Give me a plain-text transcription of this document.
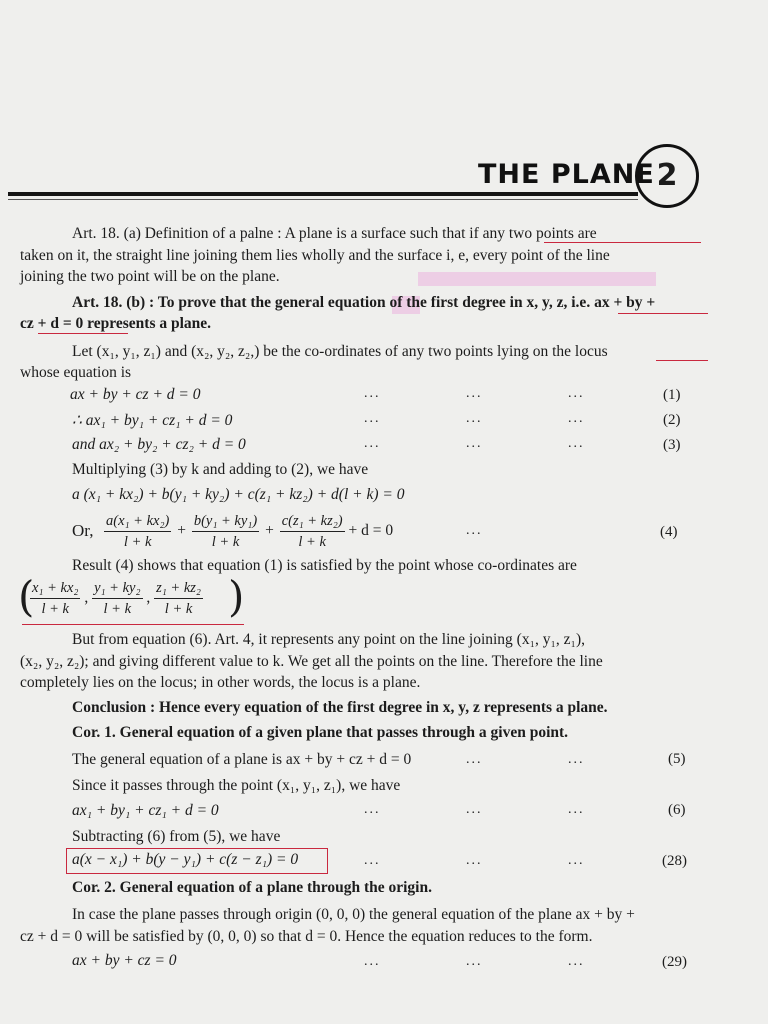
THE PLANE 2
Art. 18. (a) Definition of a palne : A plane is a surface such that if any two points are
taken on it, the straight line joining them lies wholly and the surface i, e, every point of the line
joining the two point will be on the plane.
Art. 18. (b) : To prove that the general equation of the first degree in x, y, z, i.e. ax + by +
cz + d = 0 represents a plane.
Let (x₁, y₁, z₁) and (x₂, y₂, z₂,) be the co-ordinates of any two points lying on the locus
whose equation is
ax + by + cz + d = 0	...	...	...	(1)
∴ ax₁ + by₁ + cz₁ + d = 0	...	...	...	(2)
and ax₂ + by₂ + cz₂ + d = 0	...	...	...	(3)
Multiplying (3) by k and adding to (2), we have
a (x₁ + kx₂) + b(y₁ + ky₂) + c(z₁ + kz₂) + d(l + k) = 0
Or, $\frac{\text{a(x₁ + kx₂)}}{l + k} + \frac{\text{b(y₁ + ky₁)}}{l + k} + \frac{\text{c(z₁ + kz₂)}}{l + k} + d = 0$	...	(4)
Result (4) shows that equation (1) is satisfied by the point whose co-ordinates are
(
$\frac{\text{x₁ + kx₂}}{l + k}$ , $\frac{\text{y₁ + ky₂}}{l + k}$ , $\frac{\text{z₁ + kz₂}}{l + k}$ )
But from equation (6). Art. 4, it represents any point on the line joining (x₁, y₁, z₁),
(x₂, y₂, z₂); and giving different value to k. We get all the points on the line. Therefore the line
completely lies on the locus; in other words, the locus is a plane.
Conclusion : Hence every equation of the first degree in x, y, z represents a plane.
Cor. 1. General equation of a given plane that passes through a given point.
The general equation of a plane is ax + by + cz + d = 0	...	...	(5)
Since it passes through the point (x₁, y₁, z₁), we have
ax₁ + by₁ + cz₁ + d = 0	...	...	...	(6)
Subtracting (6) from (5), we have
a(x − x₁) + b(y − y₁) + c(z − z₁) = 0	...	...	...	(28)
Cor. 2. General equation of a plane through the origin.
In case the plane passes through origin (0, 0, 0) the general equation of the plane ax + by +
cz + d = 0 will be satisfied by (0, 0, 0) so that d = 0. Hence the equation reduces to the form.
ax + by + cz = 0	...	...	...	(29)
